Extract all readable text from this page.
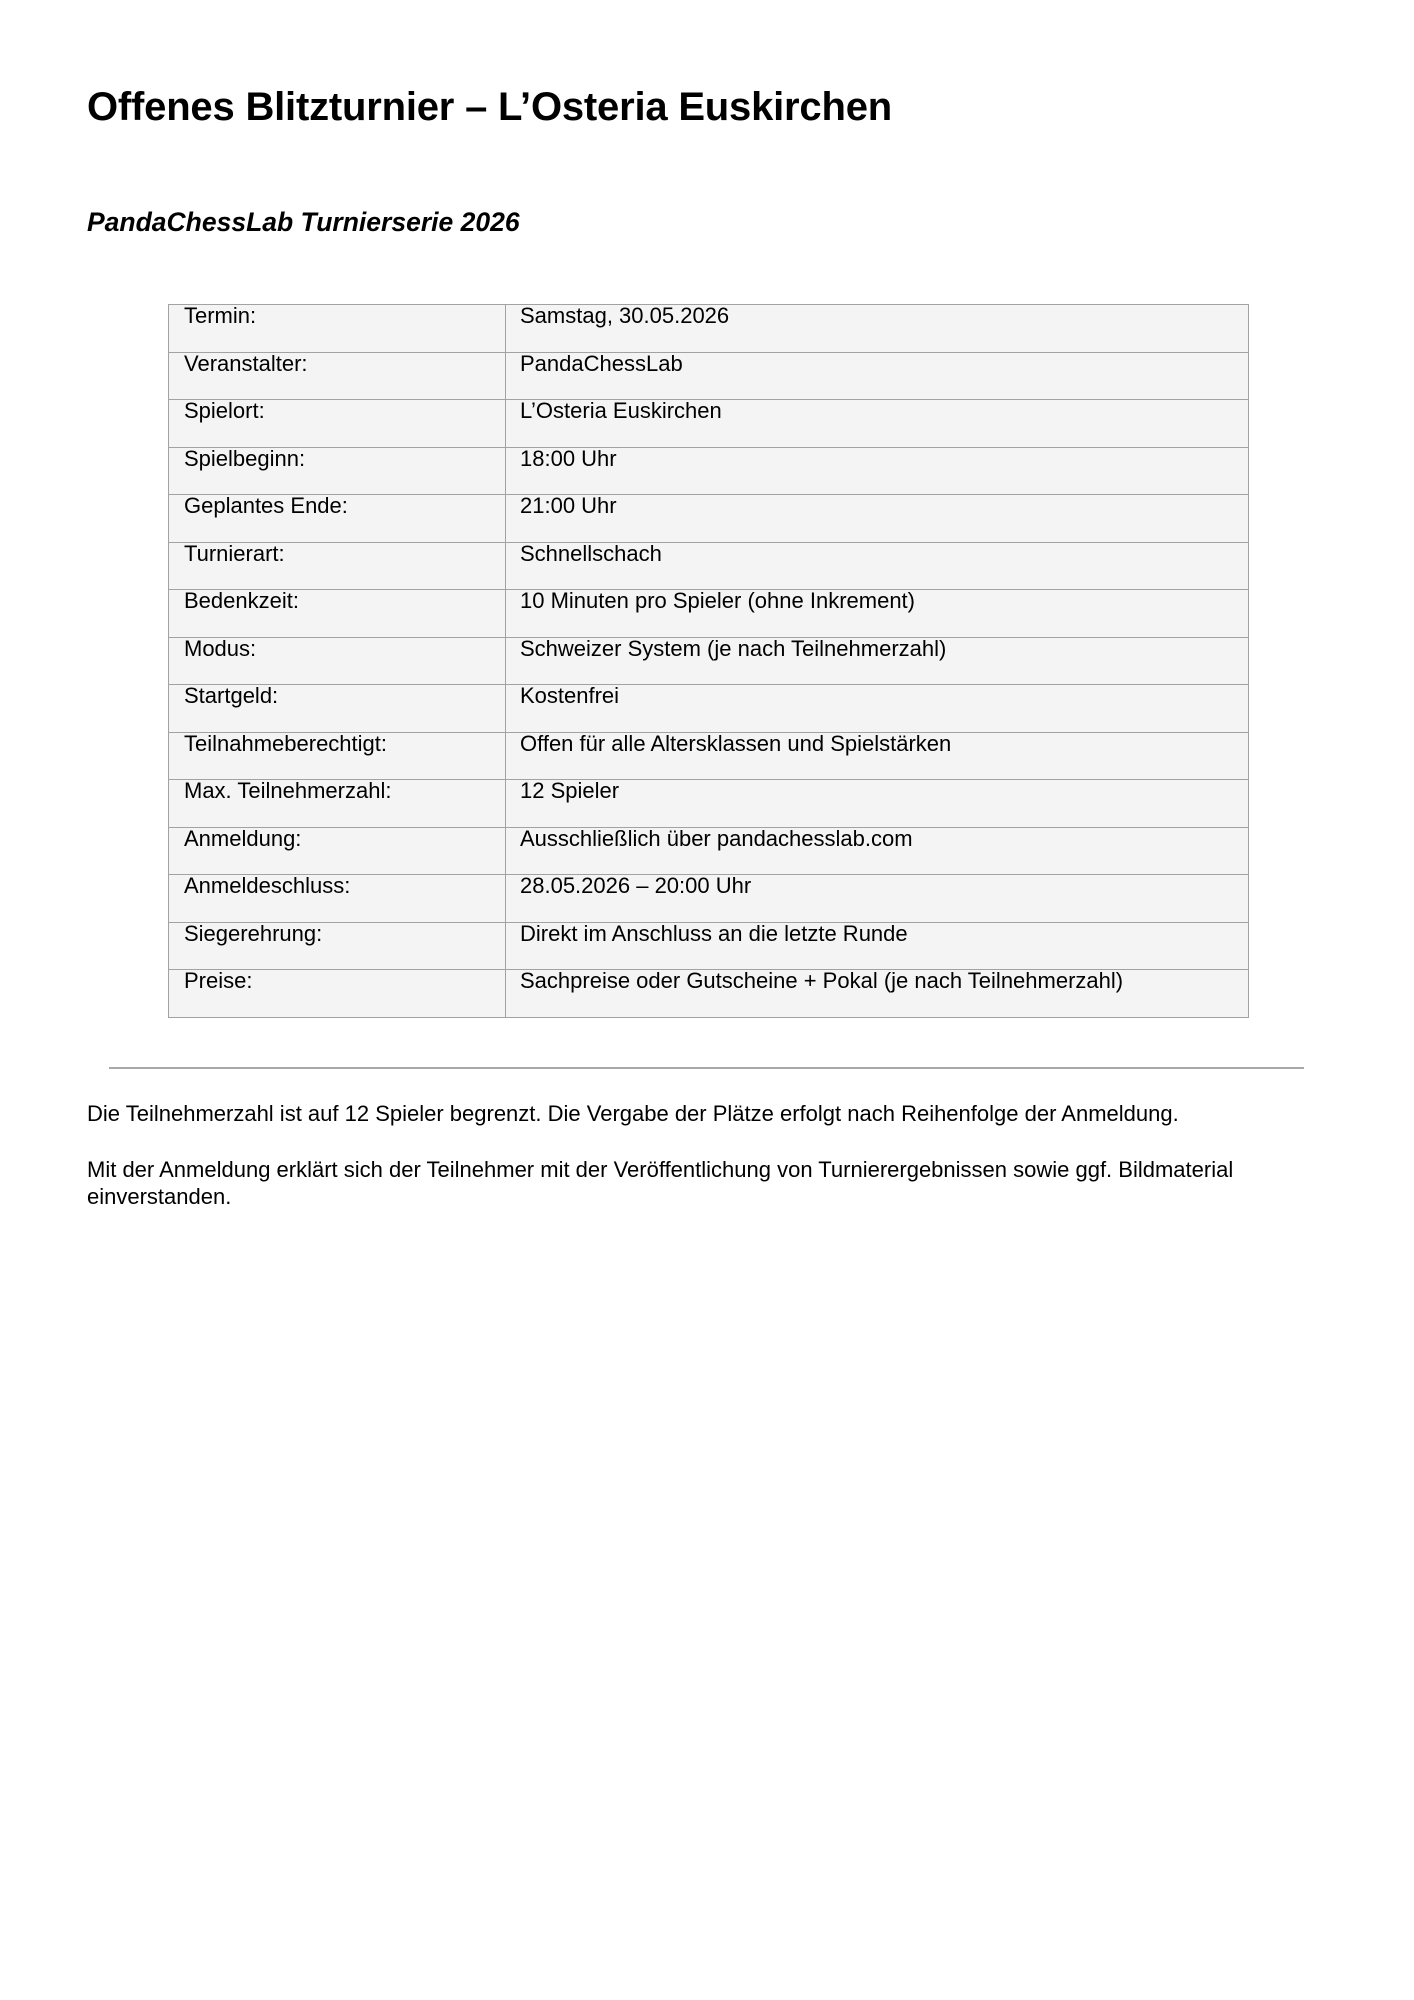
Offenes Blitzturnier – L’Osteria Euskirchen
PandaChessLab Turnierserie 2026
Termin:	Samstag, 30.05.2026

Veranstalter:	PandaChessLab

Spielort:	L’Osteria Euskirchen

Spielbeginn:	18:00 Uhr

Geplantes Ende:	21:00 Uhr

Turnierart:	Schnellschach

Bedenkzeit:	10 Minuten pro Spieler (ohne Inkrement)

Modus:	Schweizer System (je nach Teilnehmerzahl)

Startgeld:	Kostenfrei

Teilnahmeberechtigt:	Offen für alle Altersklassen und Spielstärken

Max. Teilnehmerzahl:	12 Spieler

Anmeldung:	Ausschließlich über pandachesslab.com

Anmeldeschluss:	28.05.2026 – 20:00 Uhr

Siegerehrung:	Direkt im Anschluss an die letzte Runde

Preise:	Sachpreise oder Gutscheine + Pokal (je nach Teilnehmerzahl)

Die Teilnehmerzahl ist auf 12 Spieler begrenzt. Die Vergabe der Plätze erfolgt nach Reihenfolge der Anmeldung.

Mit der Anmeldung erklärt sich der Teilnehmer mit der Veröffentlichung von Turnierergebnissen sowie ggf. Bildmaterial einverstanden.
